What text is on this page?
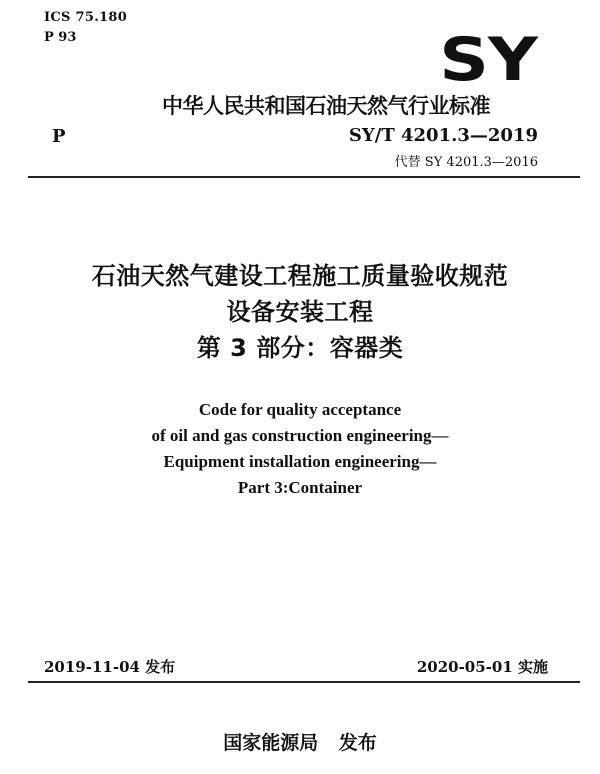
ICS 75.180
P 93	SY
中华人民共和国石油天然气行业标准
P	SY/T 4201.3—2019
代替 SY 4201.3—2016
石油天然气建设工程施工质量验收规范
设备安装工程
第 3 部分：容器类
Code for quality acceptance
of oil and gas construction engineering—
Equipment installation engineering—
Part 3:Container
2019-11-04 发布	2020-05-01 实施
国家能源局 发布
